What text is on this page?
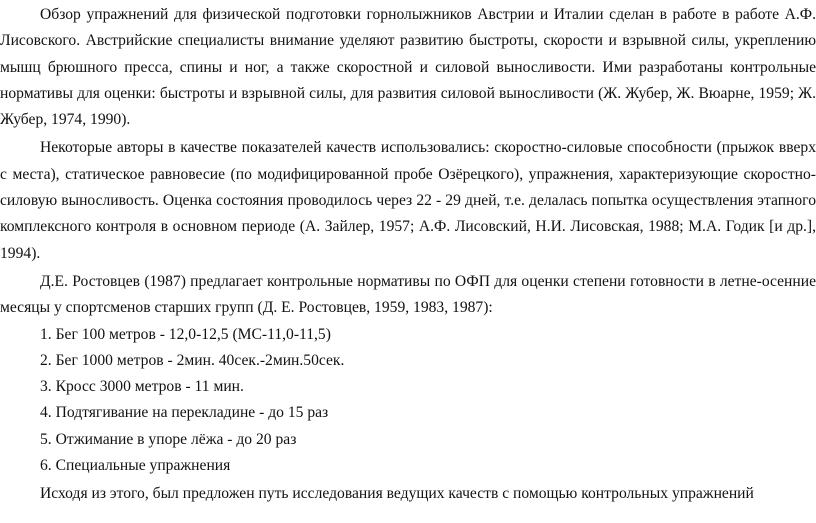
Обзор упражнений для физической подготовки горнолыжников Австрии и Италии сделан в работе в работе А.Ф. Лисовского. Австрийские специалисты внимание уделяют развитию быстроты, скорости и взрывной силы, укреплению мышц брюшного пресса, спины и ног, а также скоростной и силовой выносливости. Ими разработаны контрольные нормативы для оценки: быстроты и взрывной силы, для развития силовой выносливости (Ж. Жубер, Ж. Вюарне, 1959; Ж. Жубер, 1974, 1990).

Некоторые авторы в качестве показателей качеств использовались: скоростно-силовые способности (прыжок вверх с места), статическое равновесие (по модифицированной пробе Озёрецкого), упражнения, характеризующие скоростно-силовую выносливость. Оценка состояния проводилось через 22 - 29 дней, т.е. делалась попытка осуществления этапного комплексного контроля в основном периоде (А. Зайлер, 1957; А.Ф. Лисовский, Н.И. Лисовская, 1988; М.А. Годик [и др.], 1994).

Д.Е. Ростовцев (1987) предлагает контрольные нормативы по ОФП для оценки степени готовности в летне-осенние месяцы у спортсменов старших групп (Д. Е. Ростовцев, 1959, 1983, 1987):

1. Бег 100 метров - 12,0-12,5 (МС-11,0-11,5)

2. Бег 1000 метров - 2мин. 40сек.-2мин.50сек.

3. Кросс 3000 метров - 11 мин.

4. Подтягивание на перекладине - до 15 раз

5. Отжимание в упоре лёжа - до 20 раз

6. Специальные упражнения

Исходя из этого, был предложен путь исследования ведущих качеств с помощью контрольных упражнений
